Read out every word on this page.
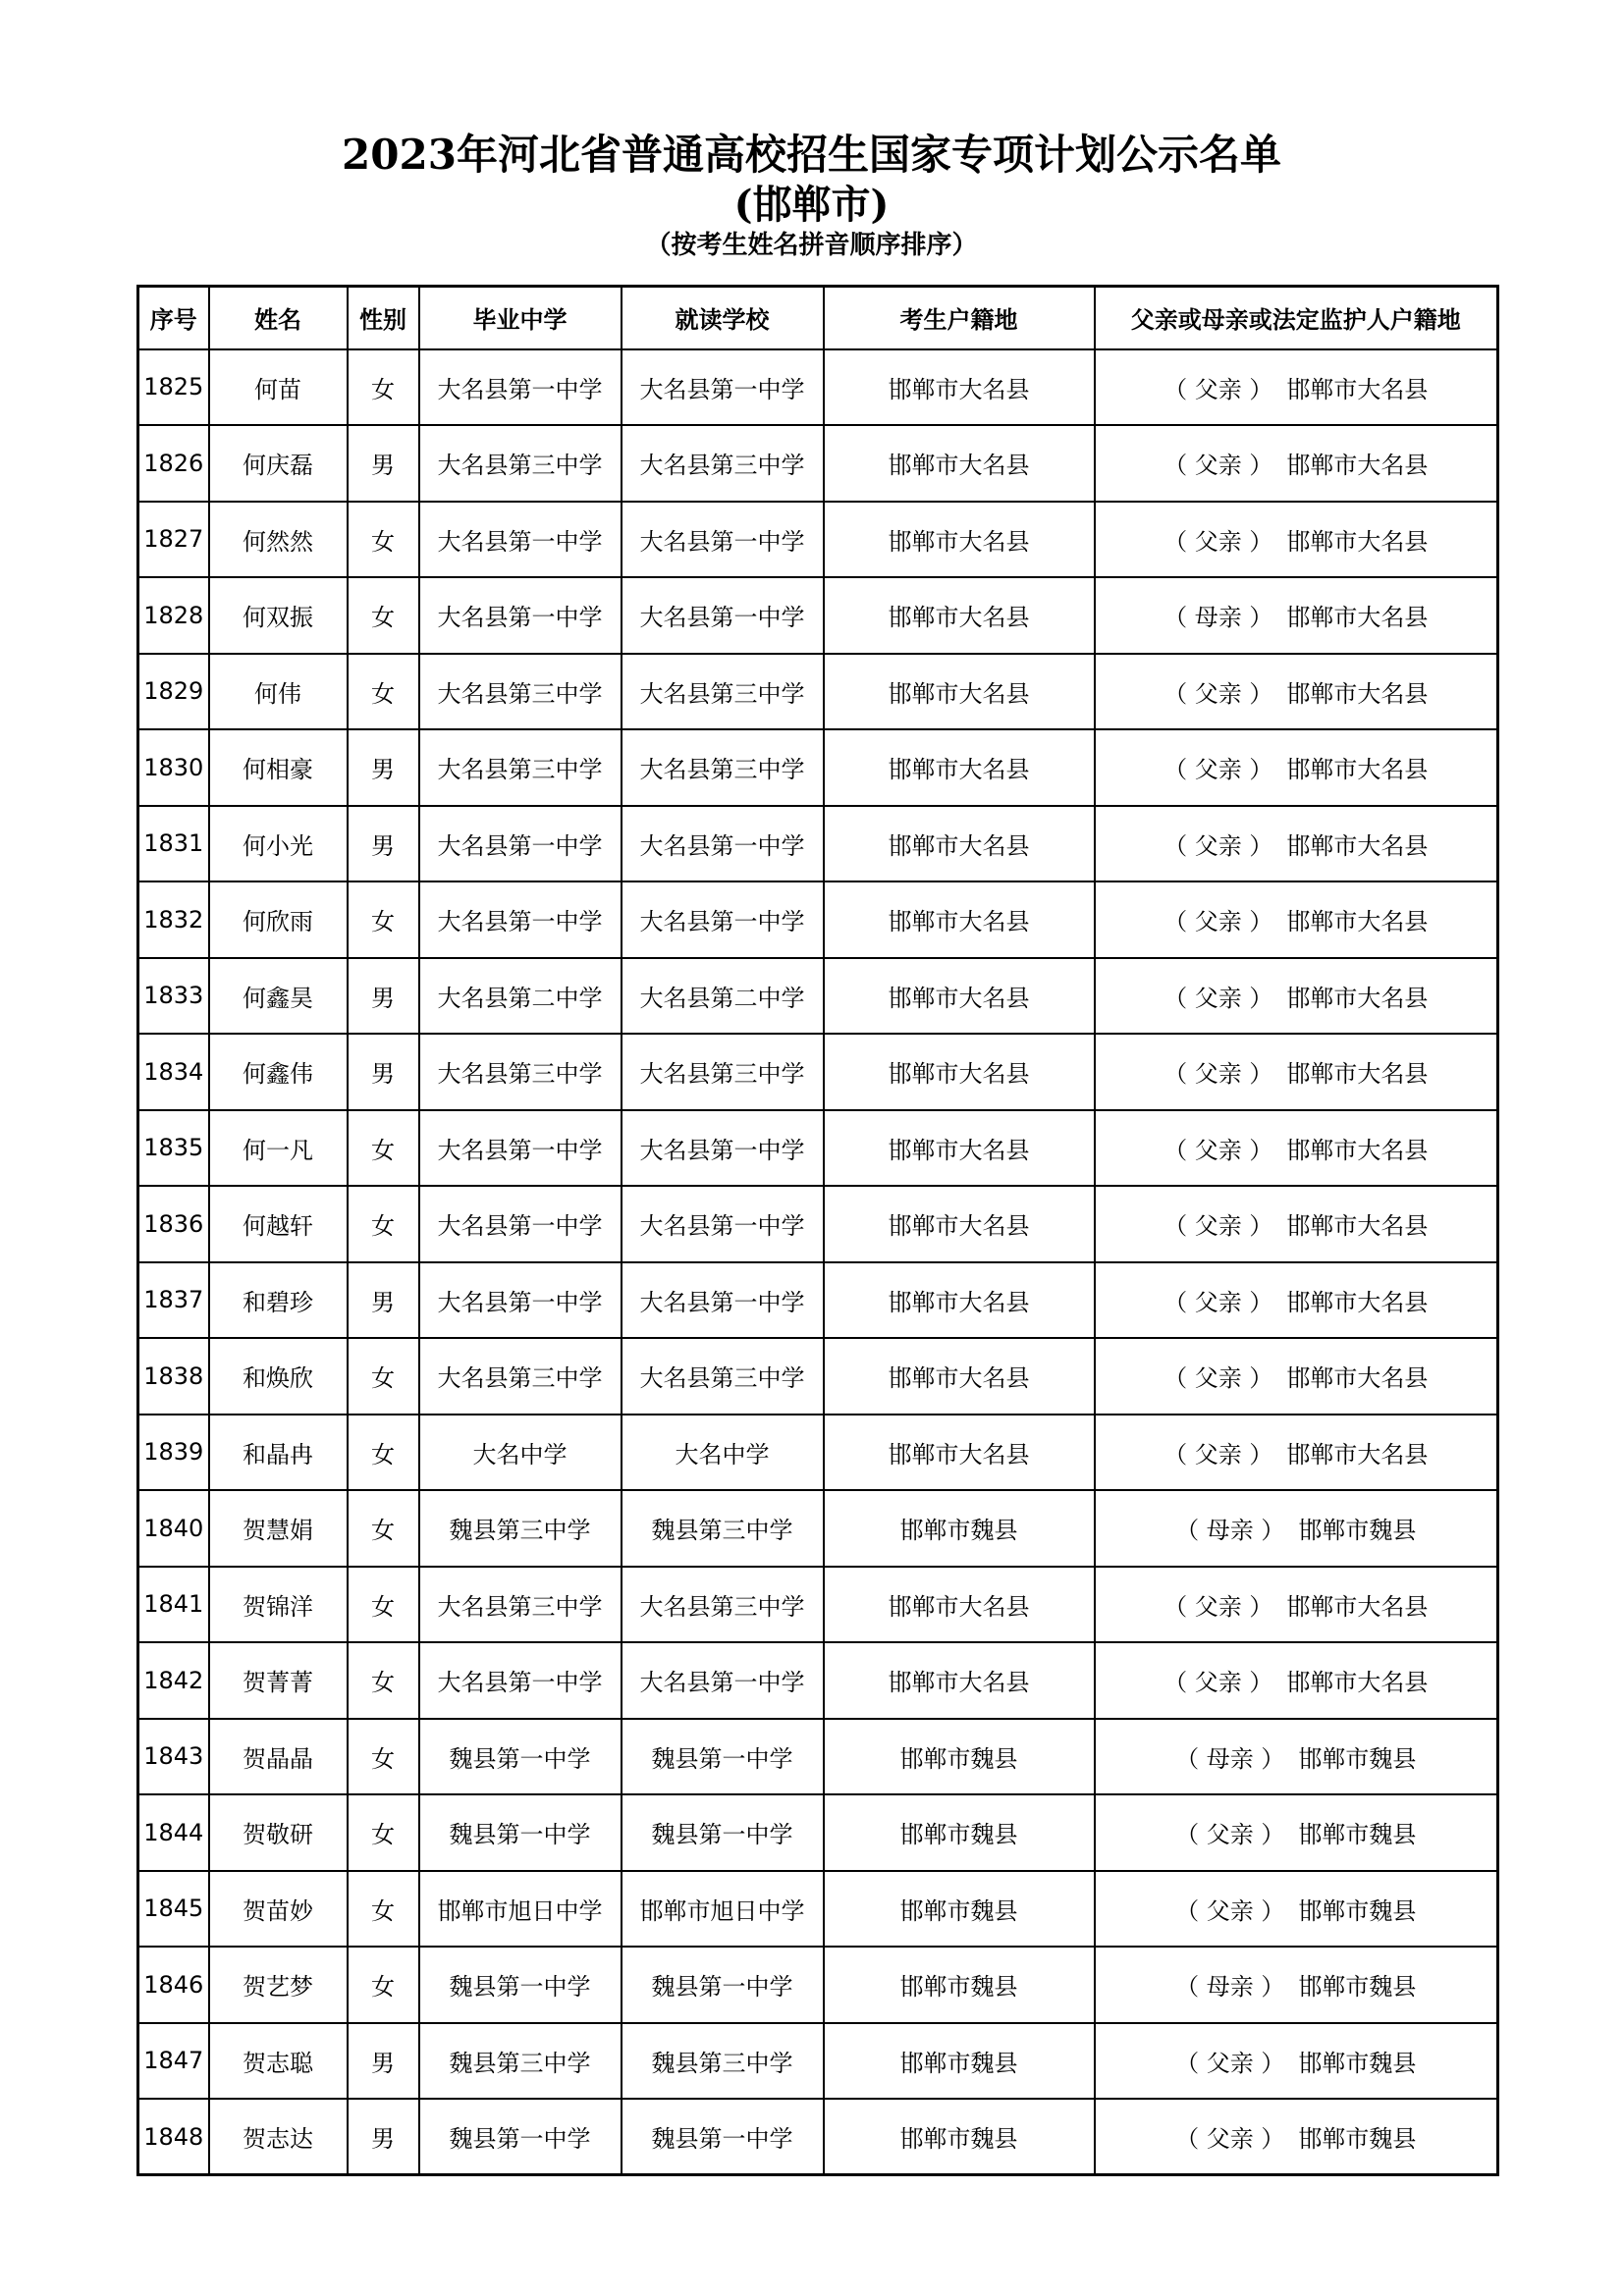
2023年河北省普通高校招生国家专项计划公示名单
(邯郸市)
（按考生姓名拼音顺序排序）
序号	姓名	性别	毕业中学	就读学校	考生户籍地	父亲或母亲或法定监护人户籍地
1825	何苗	女	大名县第一中学	大名县第一中学	邯郸市大名县	（ 父亲 ） 邯郸市大名县
1826	何庆磊	男	大名县第三中学	大名县第三中学	邯郸市大名县	（ 父亲 ） 邯郸市大名县
1827	何然然	女	大名县第一中学	大名县第一中学	邯郸市大名县	（ 父亲 ） 邯郸市大名县
1828	何双振	女	大名县第一中学	大名县第一中学	邯郸市大名县	（ 母亲 ） 邯郸市大名县
1829	何伟	女	大名县第三中学	大名县第三中学	邯郸市大名县	（ 父亲 ） 邯郸市大名县
1830	何相豪	男	大名县第三中学	大名县第三中学	邯郸市大名县	（ 父亲 ） 邯郸市大名县
1831	何小光	男	大名县第一中学	大名县第一中学	邯郸市大名县	（ 父亲 ） 邯郸市大名县
1832	何欣雨	女	大名县第一中学	大名县第一中学	邯郸市大名县	（ 父亲 ） 邯郸市大名县
1833	何鑫昊	男	大名县第二中学	大名县第二中学	邯郸市大名县	（ 父亲 ） 邯郸市大名县
1834	何鑫伟	男	大名县第三中学	大名县第三中学	邯郸市大名县	（ 父亲 ） 邯郸市大名县
1835	何一凡	女	大名县第一中学	大名县第一中学	邯郸市大名县	（ 父亲 ） 邯郸市大名县
1836	何越轩	女	大名县第一中学	大名县第一中学	邯郸市大名县	（ 父亲 ） 邯郸市大名县
1837	和碧珍	男	大名县第一中学	大名县第一中学	邯郸市大名县	（ 父亲 ） 邯郸市大名县
1838	和焕欣	女	大名县第三中学	大名县第三中学	邯郸市大名县	（ 父亲 ） 邯郸市大名县
1839	和晶冉	女	大名中学	大名中学	邯郸市大名县	（ 父亲 ） 邯郸市大名县
1840	贺慧娟	女	魏县第三中学	魏县第三中学	邯郸市魏县	（ 母亲 ） 邯郸市魏县
1841	贺锦洋	女	大名县第三中学	大名县第三中学	邯郸市大名县	（ 父亲 ） 邯郸市大名县
1842	贺菁菁	女	大名县第一中学	大名县第一中学	邯郸市大名县	（ 父亲 ） 邯郸市大名县
1843	贺晶晶	女	魏县第一中学	魏县第一中学	邯郸市魏县	（ 母亲 ） 邯郸市魏县
1844	贺敬研	女	魏县第一中学	魏县第一中学	邯郸市魏县	（ 父亲 ） 邯郸市魏县
1845	贺苗妙	女	邯郸市旭日中学	邯郸市旭日中学	邯郸市魏县	（ 父亲 ） 邯郸市魏县
1846	贺艺梦	女	魏县第一中学	魏县第一中学	邯郸市魏县	（ 母亲 ） 邯郸市魏县
1847	贺志聪	男	魏县第三中学	魏县第三中学	邯郸市魏县	（ 父亲 ） 邯郸市魏县
1848	贺志达	男	魏县第一中学	魏县第一中学	邯郸市魏县	（ 父亲 ） 邯郸市魏县
